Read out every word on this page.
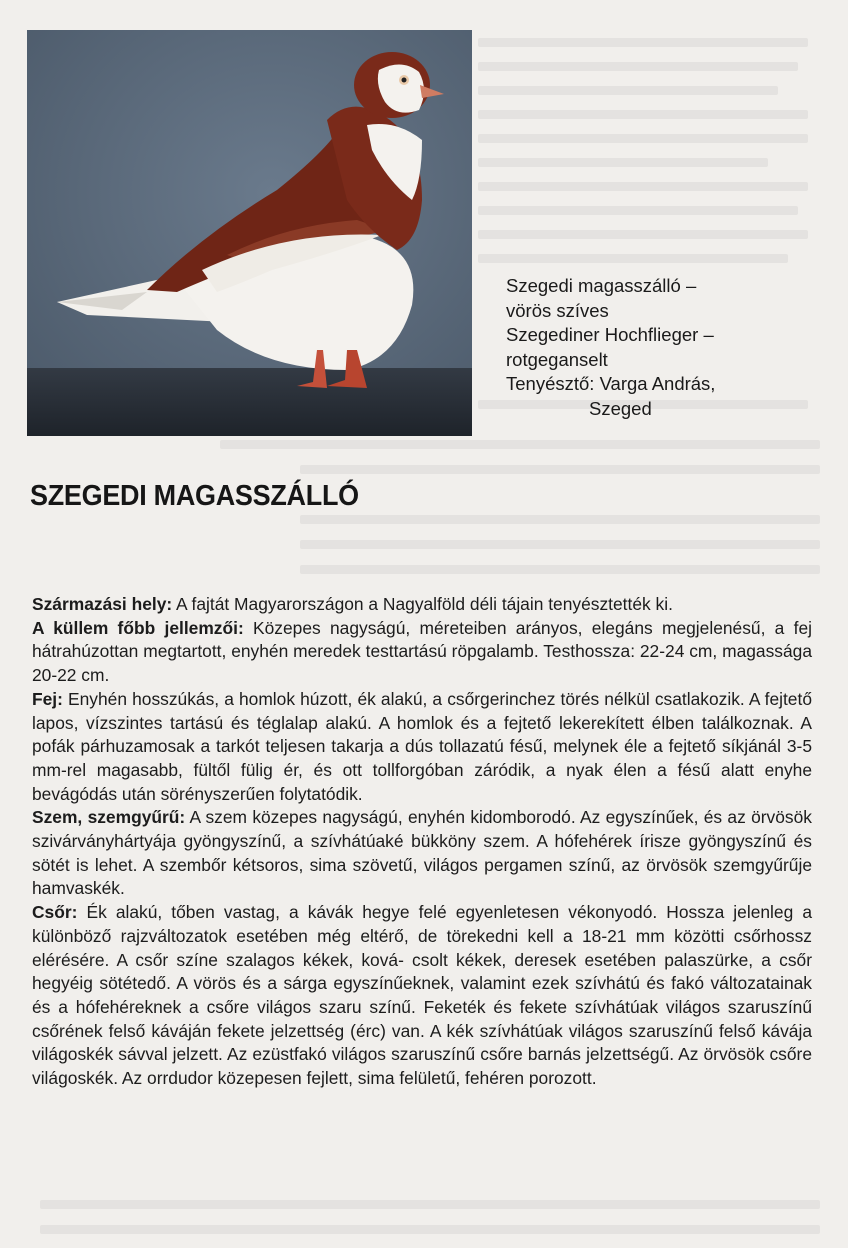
Szegedi magasszálló –
vörös szíves
Szegediner Hochflieger –
rotgeganselt
Tenyésztő: Varga András,
Szeged
SZEGEDI MAGASSZÁLLÓ

Származási hely: A fajtát Magyarországon a Nagyalföld déli tájain tenyésztették ki.

A küllem főbb jellemzői: Közepes nagyságú, méreteiben arányos, elegáns megjelenésű, a fej hátrahúzottan megtartott, enyhén meredek testtartású röpgalamb. Testhossza: 22-24 cm, magassága 20-22 cm.

Fej: Enyhén hosszúkás, a homlok húzott, ék alakú, a csőrgerinchez törés nélkül csatlakozik. A fejtető lapos, vízszintes tartású és téglalap alakú. A homlok és a fejtető lekerekített élben találkoznak. A pofák párhuzamosak a tarkót teljesen takarja a dús tollazatú fésű, melynek éle a fejtető síkjánál 3-5 mm-rel magasabb, fültől fülig ér, és ott tollforgóban záródik, a nyak élen a fésű alatt enyhe bevágódás után sörényszerűen folytatódik.

Szem, szemgyűrű: A szem közepes nagyságú, enyhén kidomborodó. Az egyszínűek, és az örvösök szivárványhártyája gyöngyszínű, a szívhátúaké bükköny szem. A hófehérek írisze gyöngyszínű és sötét is lehet. A szembőr kétsoros, sima szövetű, világos pergamen színű, az örvösök szemgyűrűje hamvaskék.

Csőr: Ék alakú, tőben vastag, a kávák hegye felé egyenletesen vékonyodó. Hossza jelenleg a különböző rajzváltozatok esetében még eltérő, de törekedni kell a 18-21 mm közötti csőrhossz elérésére. A csőr színe szalagos kékek, ková- csolt kékek, deresek esetében palaszürke, a csőr hegyéig sötétedő. A vörös és a sárga egyszínűeknek, valamint ezek szívhátú és fakó változatainak és a hófehéreknek a csőre világos szaru színű. Feketék és fekete szívhátúak világos szaruszínű csőrének felső káváján fekete jelzettség (érc) van. A kék szívhátúak világos szaruszínű felső kávája világoskék sávval jelzett. Az ezüstfakó világos szaruszínű csőre barnás jelzettségű. Az örvösök csőre világoskék. Az orrdudor közepesen fejlett, sima felületű, fehéren porozott.
